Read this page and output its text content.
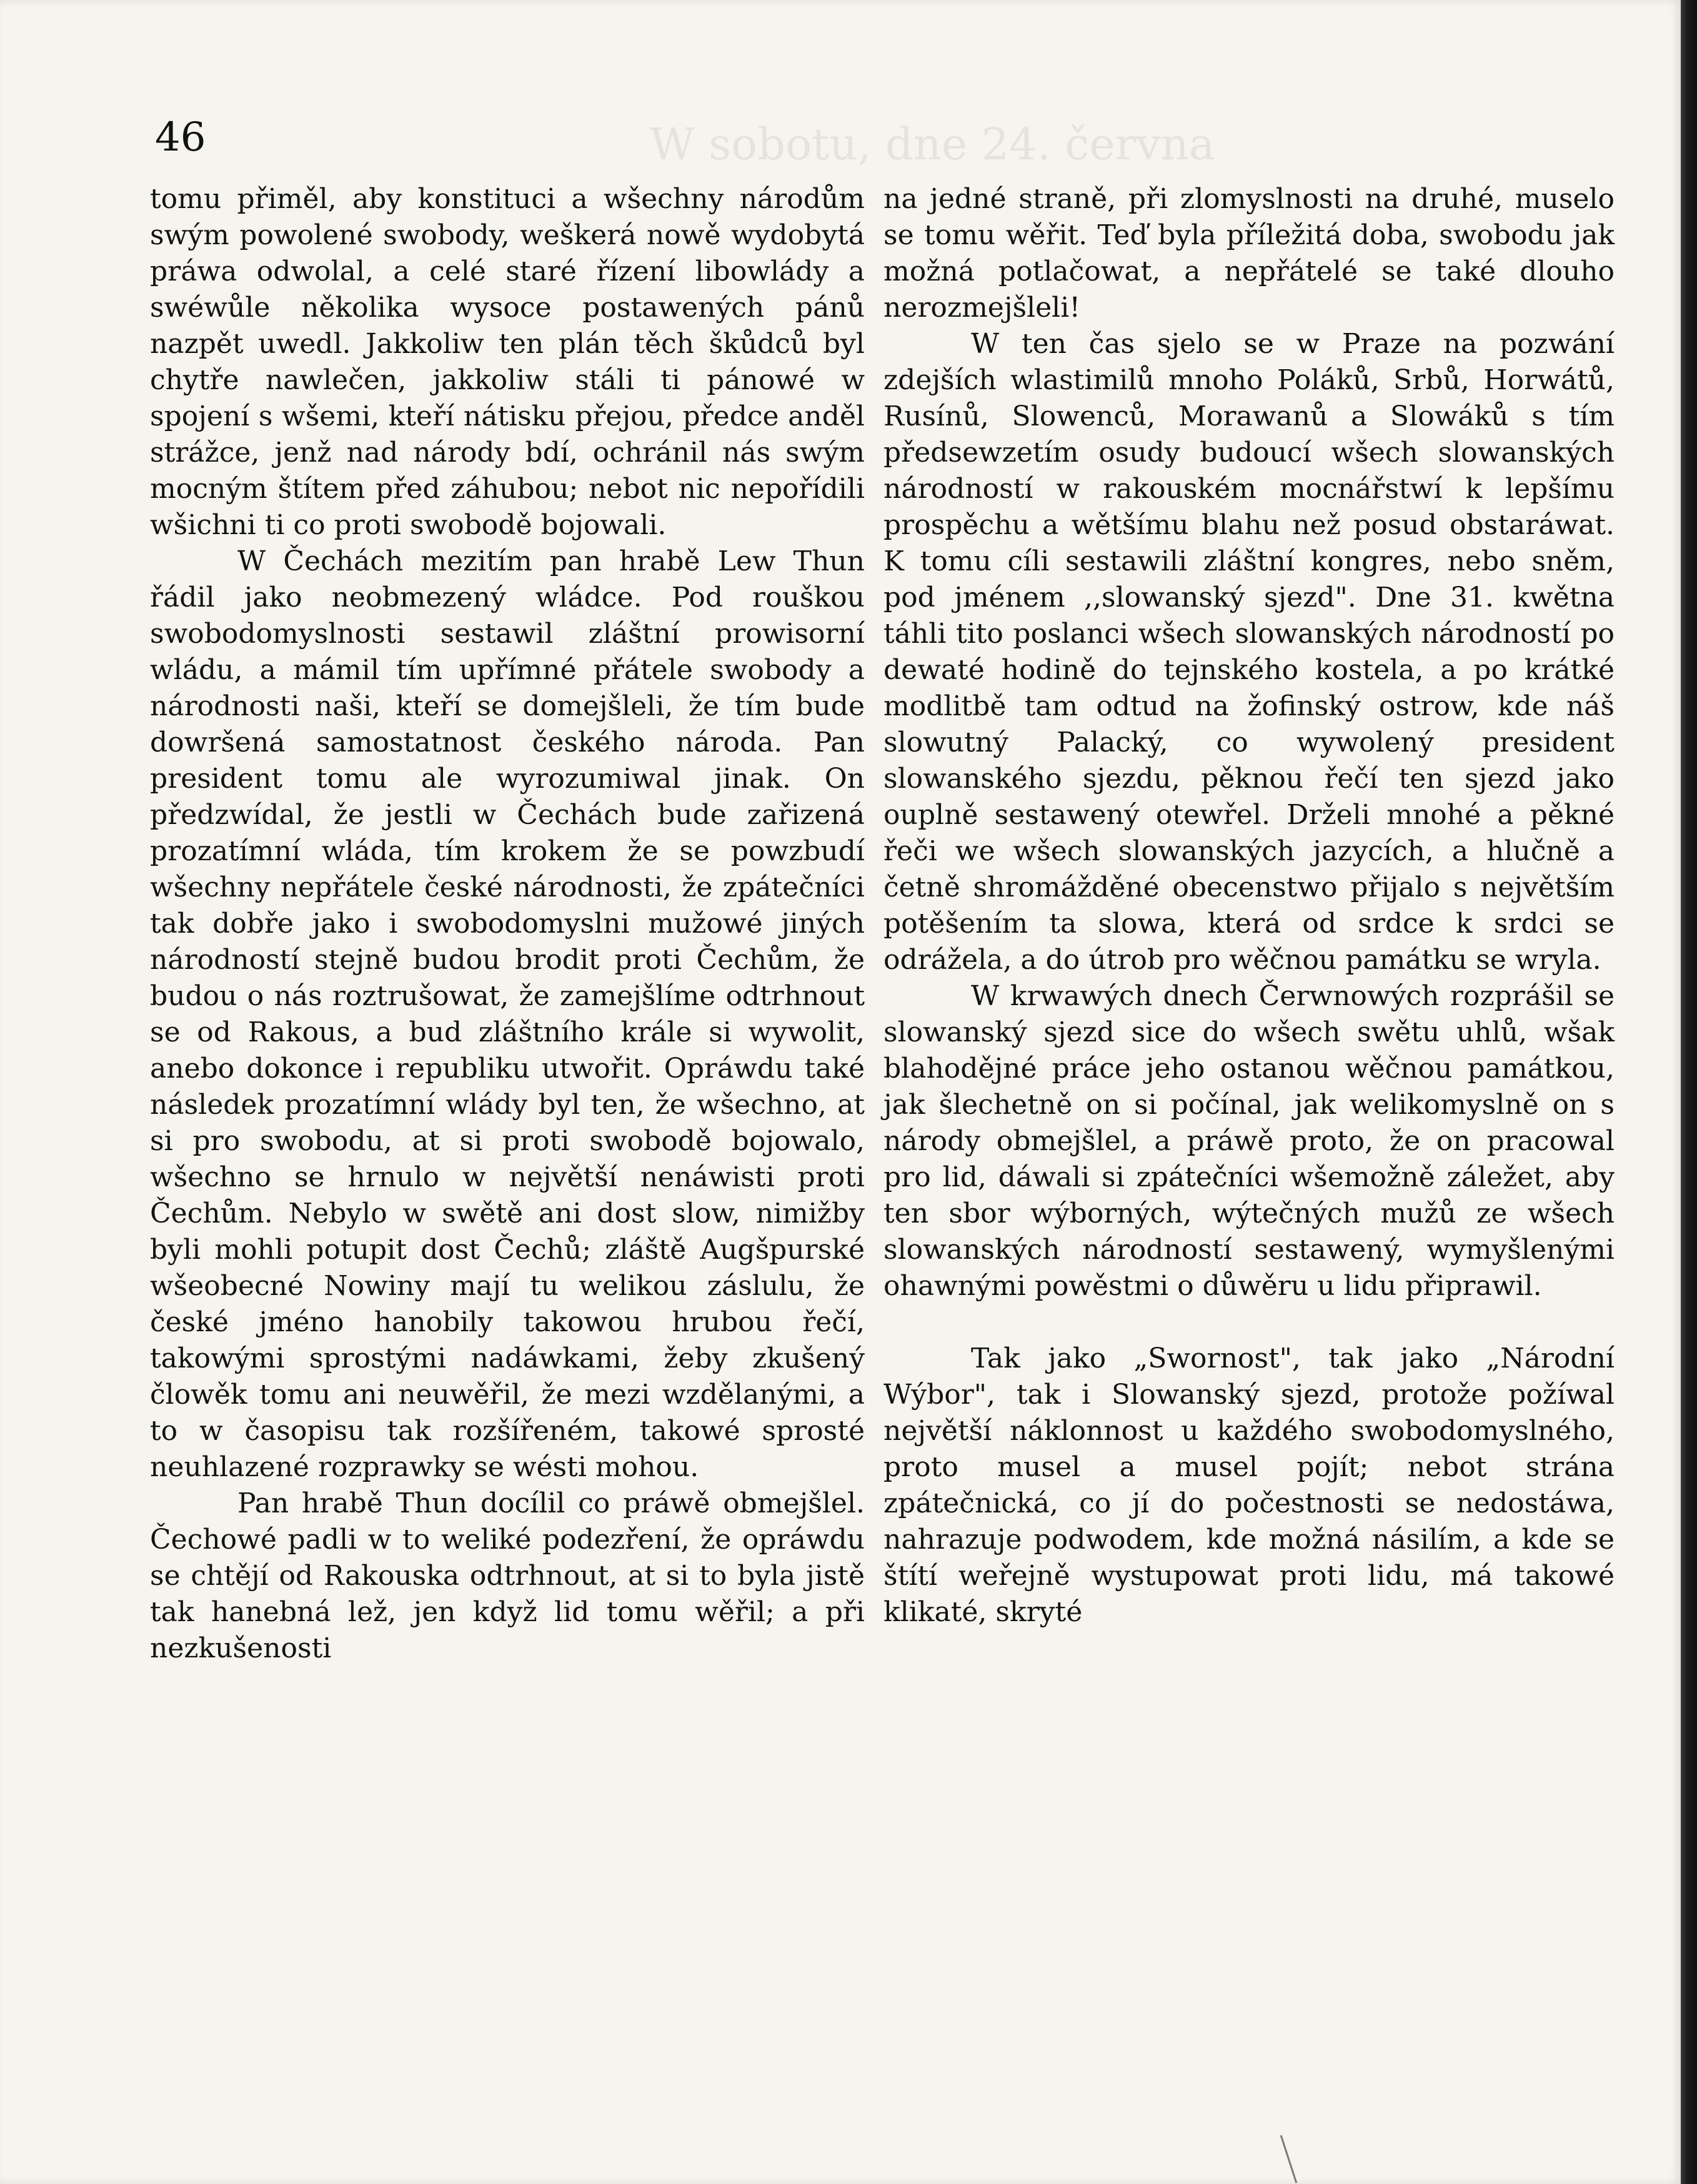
46	W sobotu, dne 24. června

tomu přiměl, aby konstituci a wšechny národům swým powolené swobody, weškerá nowě wydobytá práwa odwolal, a celé staré řízení libowlády a swéwůle několika wysoce postawených pánů nazpět uwedl. Jakkoliw ten plán těch škůdců byl chytře nawlečen, jakkoliw stáli ti pánowé w spojení s wšemi, kteří nátisku přejou, předce anděl strážce, jenž nad národy bdí, ochránil nás swým mocným štítem před záhubou; nebot nic nepořídili wšichni ti co proti swobodě bojowali.

W Čechách mezitím pan hrabě Lew Thun řádil jako neobmezený wládce. Pod rouškou swobodomyslnosti sestawil zláštní prowisorní wládu, a mámil tím upřímné přátele swobody a národnosti naši, kteří se domejšleli, že tím bude dowršená samostatnost českého národa. Pan president tomu ale wyrozumiwal jinak. On předzwídal, že jestli w Čechách bude zařizená prozatímní wláda, tím krokem že se powzbudí wšechny nepřátele české národnosti, že zpátečníci tak dobře jako i swobodomyslni mužowé jiných národností stejně budou brodit proti Čechům, že budou o nás roztrušowat, že zamejšlíme odtrhnout se od Rakous, a bud zláštního krále si wywolit, anebo dokonce i republiku utwořit. Opráwdu také následek prozatímní wlády byl ten, že wšechno, at si pro swobodu, at si proti swobodě bojowalo, wšechno se hrnulo w největší nenáwisti proti Čechům. Nebylo w swětě ani dost slow, nimižby byli mohli potupit dost Čechů; zláště Augšpurské wšeobecné Nowiny mají tu welikou záslulu, že české jméno hanobily takowou hrubou řečí, takowými sprostými nadáwkami, žeby zkušený člowěk tomu ani neuwěřil, že mezi wzdělanými, a to w časopisu tak rozšířeném, takowé sprosté neuhlazené rozprawky se wésti mohou.

Pan hrabě Thun docílil co práwě obmejšlel. Čechowé padli w to weliké podezření, že opráwdu se chtějí od Rakouska odtrhnout, at si to byla jistě tak hanebná lež, jen když lid tomu wěřil; a při nezkušenosti

na jedné straně, při zlomyslnosti na druhé, muselo se tomu wěřit. Teď byla příležitá doba, swobodu jak možná potlačowat, a nepřátelé se také dlouho nerozmejšleli!

W ten čas sjelo se w Praze na pozwání zdejších wlastimilů mnoho Poláků, Srbů, Horwátů, Rusínů, Slowenců, Morawanů a Slowáků s tím předsewzetím osudy budoucí wšech slowanských národností w rakouském mocnářstwí k lepšímu prospěchu a wětšímu blahu než posud obstaráwat. K tomu cíli sestawili zláštní kongres, nebo sněm, pod jménem ,,slowanský sjezd". Dne 31. kwětna táhli tito poslanci wšech slowanských národností po dewaté hodině do tejnského kostela, a po krátké modlitbě tam odtud na žofinský ostrow, kde náš slowutný Palacký, co wywolený president slowanského sjezdu, pěknou řečí ten sjezd jako ouplně sestawený otewřel. Drželi mnohé a pěkné řeči we wšech slowanských jazycích, a hlučně a četně shromážděné obecenstwo přijalo s největším potěšením ta slowa, která od srdce k srdci se odrážela, a do útrob pro wěčnou památku se wryla.

W krwawých dnech Čerwnowých rozprášil se slowanský sjezd sice do wšech swětu uhlů, wšak blahodějné práce jeho ostanou wěčnou památkou, jak šlechetně on si počínal, jak welikomyslně on s národy obmejšlel, a práwě proto, že on pracowal pro lid, dáwali si zpátečníci wšemožně záležet, aby ten sbor wýborných, wýtečných mužů ze wšech slowanských národností sestawený, wymyšlenými ohawnými powěstmi o důwěru u lidu připrawil.

Tak jako „Swornost", tak jako „Národní Wýbor", tak i Slowanský sjezd, protože požíwal největší náklonnost u každého swobodomyslného, proto musel a musel pojít; nebot strána zpátečnická, co jí do počestnosti se nedostáwa, nahrazuje podwodem, kde možná násilím, a kde se štítí weřejně wystupowat proti lidu, má takowé klikaté, skryté
